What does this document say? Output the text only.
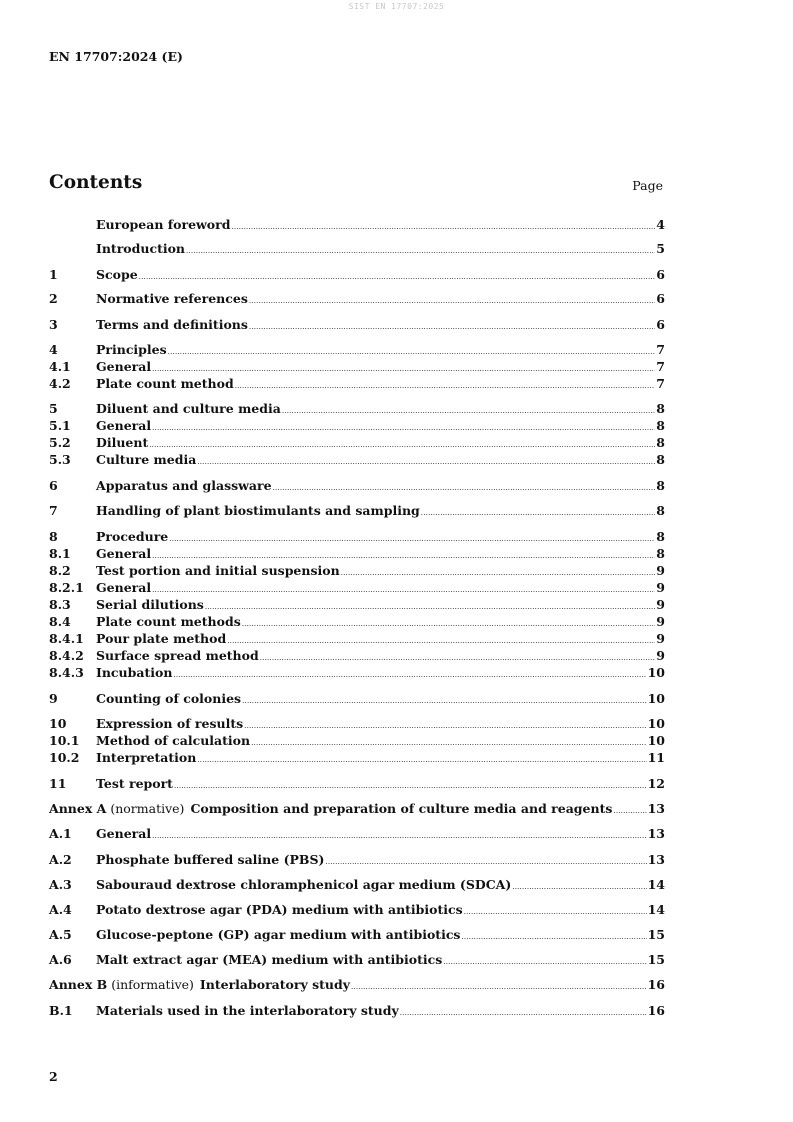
SIST EN 17707:2025
EN 17707:2024 (E)
Contents	Page
European foreword .....	4
Introduction .....	5
1	Scope .....	6
2	Normative references .....	6
3	Terms and definitions .....	6
4	Principles .....	7
4.1	General .....	7
4.2	Plate count method .....	7
5	Diluent and culture media .....	8
5.1	General .....	8
5.2	Diluent .....	8
5.3	Culture media .....	8
6	Apparatus and glassware .....	8
7	Handling of plant biostimulants and sampling .....	8
8	Procedure .....	8
8.1	General .....	8
8.2	Test portion and initial suspension .....	9
8.2.1 General .....	9
8.3	Serial dilutions .....	9
8.4	Plate count methods .....	9
8.4.1 Pour plate method .....	9
8.4.2 Surface spread method .....	9
8.4.3 Incubation .....	10
9	Counting of colonies .....	10
10	Expression of results .....	10
10.1	Method of calculation .....	10
10.2	Interpretation .....	11
11	Test report .....	12
Annex A (normative) Composition and preparation of culture media and reagents .....	13
A.1	General .....	13
A.2	Phosphate buffered saline (PBS) .....	13
A.3	Sabouraud dextrose chloramphenicol agar medium (SDCA) .....	14
A.4	Potato dextrose agar (PDA) medium with antibiotics .....	14
A.5	Glucose-peptone (GP) agar medium with antibiotics .....	15
A.6	Malt extract agar (MEA) medium with antibiotics .....	15
Annex B (informative) Interlaboratory study .....	16
B.1	Materials used in the interlaboratory study .....	16
2
